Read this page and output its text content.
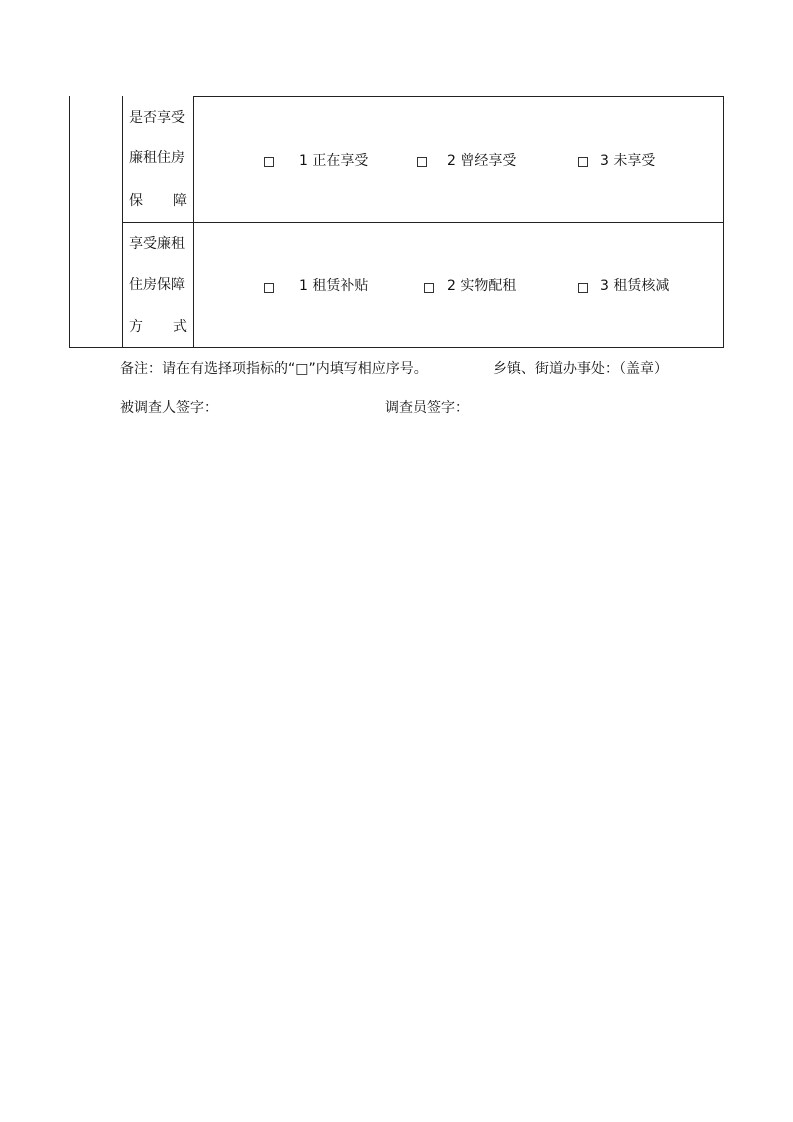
是否享受
廉租住房
保 障
1 正在享受	2 曾经享受	3 未享受
享受廉租
住房保障
方 式
1 租赁补贴	2 实物配租	3 租赁核减
备注：请在有选择项指标的“□”内填写相应序号。	乡镇、街道办事处：（盖章）
被调查人签字：	调查员签字：
